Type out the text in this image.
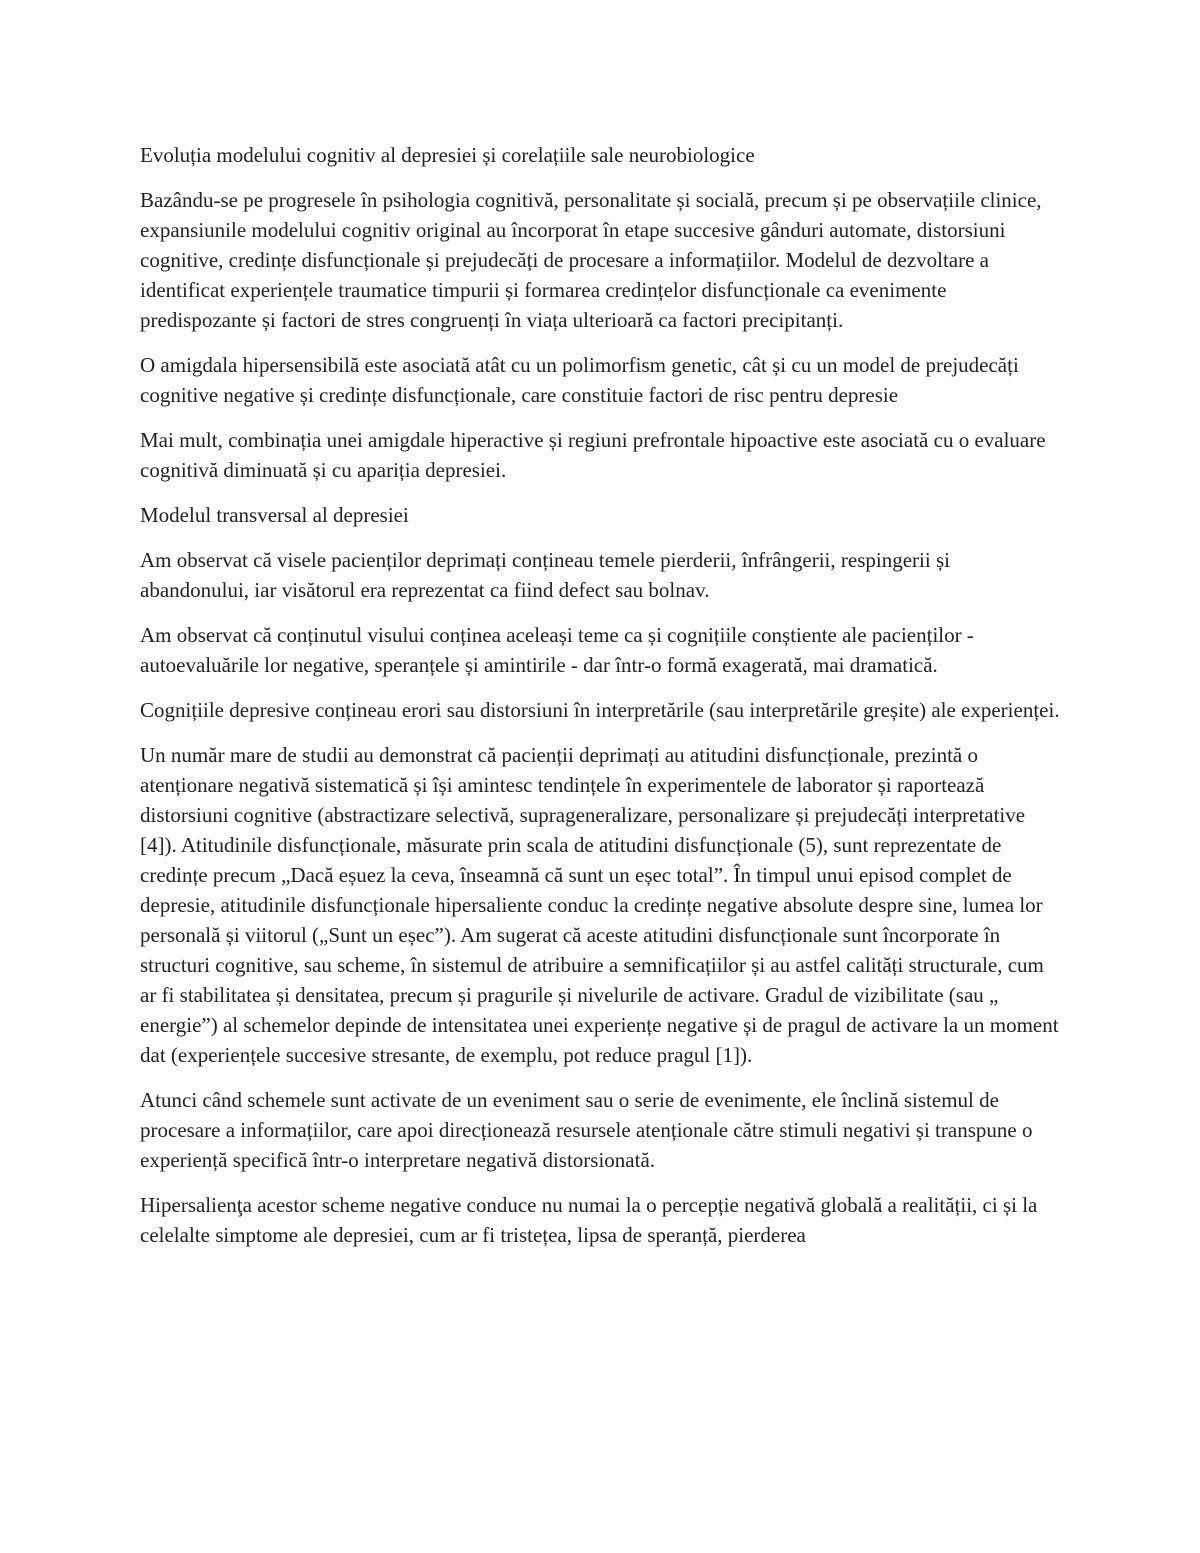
Evoluția modelului cognitiv al depresiei și corelațiile sale neurobiologice

Bazându-se pe progresele în psihologia cognitivă, personalitate și socială, precum și pe observațiile clinice, expansiunile modelului cognitiv original au încorporat în etape succesive gânduri automate, distorsiuni cognitive, credințe disfuncționale și prejudecăți de procesare a informațiilor. Modelul de dezvoltare a identificat experiențele traumatice timpurii și formarea credințelor disfuncționale ca evenimente predispozante și factori de stres congruenți în viața ulterioară ca factori precipitanți.

O amigdala hipersensibilă este asociată atât cu un polimorfism genetic, cât și cu un model de prejudecăți cognitive negative și credințe disfuncționale, care constituie factori de risc pentru depresie

Mai mult, combinația unei amigdale hiperactive și regiuni prefrontale hipoactive este asociată cu o evaluare cognitivă diminuată și cu apariția depresiei.

Modelul transversal al depresiei

Am observat că visele pacienților deprimați conțineau temele pierderii, înfrângerii, respingerii și abandonului, iar visătorul era reprezentat ca fiind defect sau bolnav.

Am observat că conținutul visului conținea aceleași teme ca și cognițiile conștiente ale pacienților - autoevaluările lor negative, speranțele și amintirile - dar într-o formă exagerată, mai dramatică.

Cognițiile depresive conțineau erori sau distorsiuni în interpretările (sau interpretările greșite) ale experienței.

Un număr mare de studii au demonstrat că pacienții deprimați au atitudini disfuncționale, prezintă o atenționare negativă sistematică și își amintesc tendințele în experimentele de laborator și raportează distorsiuni cognitive (abstractizare selectivă, suprageneralizare, personalizare și prejudecăți interpretative [4]). Atitudinile disfuncționale, măsurate prin scala de atitudini disfuncționale (5), sunt reprezentate de credințe precum „Dacă eșuez la ceva, înseamnă că sunt un eșec total”. În timpul unui episod complet de depresie, atitudinile disfuncționale hipersaliente conduc la credințe negative absolute despre sine, lumea lor personală și viitorul („Sunt un eșec”). Am sugerat că aceste atitudini disfuncționale sunt încorporate în structuri cognitive, sau scheme, în sistemul de atribuire a semnificațiilor și au astfel calități structurale, cum ar fi stabilitatea și densitatea, precum și pragurile și nivelurile de activare. Gradul de vizibilitate (sau „ energie”) al schemelor depinde de intensitatea unei experiențe negative și de pragul de activare la un moment dat (experiențele succesive stresante, de exemplu, pot reduce pragul [1]).

Atunci când schemele sunt activate de un eveniment sau o serie de evenimente, ele înclină sistemul de procesare a informațiilor, care apoi direcționează resursele atenționale către stimuli negativi și transpune o experiență specifică într-o interpretare negativă distorsionată.

Hipersalienţa acestor scheme negative conduce nu numai la o percepție negativă globală a realității, ci și la celelalte simptome ale depresiei, cum ar fi tristețea, lipsa de speranță, pierderea
